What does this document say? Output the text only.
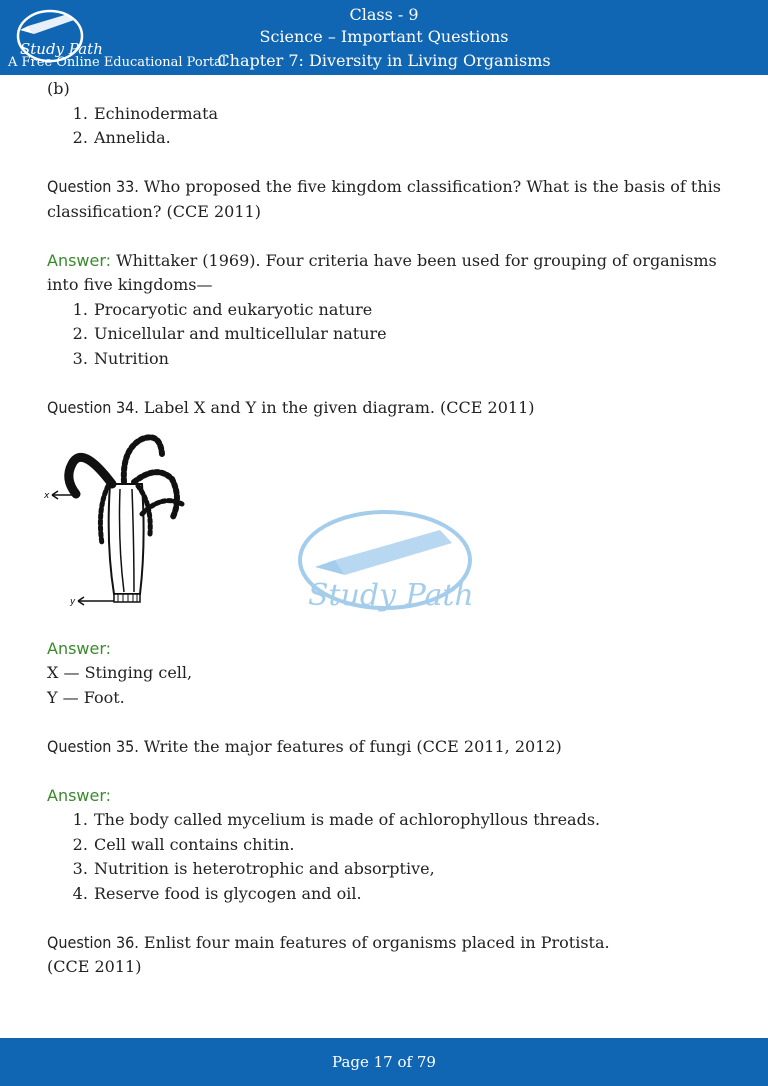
Study Path
A Free Online Educational Portal
Class - 9
Science – Important Questions
Chapter 7: Diversity in Living Organisms

(b)

1. Echinodermata
2. Annelida.

Question 33. Who proposed the five kingdom classification? What is the basis of this classification? (CCE 2011)

Answer: Whittaker (1969). Four criteria have been used for grouping of organisms into five kingdoms—

1. Procaryotic and eukaryotic nature
2. Unicellular and multicellular nature
3. Nutrition

Question 34. Label X and Y in the given diagram. (CCE 2011)

x
y

Answer:

X — Stinging cell,

Y — Foot.

Question 35. Write the major features of fungi (CCE 2011, 2012)

Answer:

1. The body called mycelium is made of achlorophyllous threads.
2. Cell wall contains chitin.
3. Nutrition is heterotrophic and absorptive,
4. Reserve food is glycogen and oil.

Question 36. Enlist four main features of organisms placed in Protista.

(CCE 2011)

Study Path
Page 17 of 79
